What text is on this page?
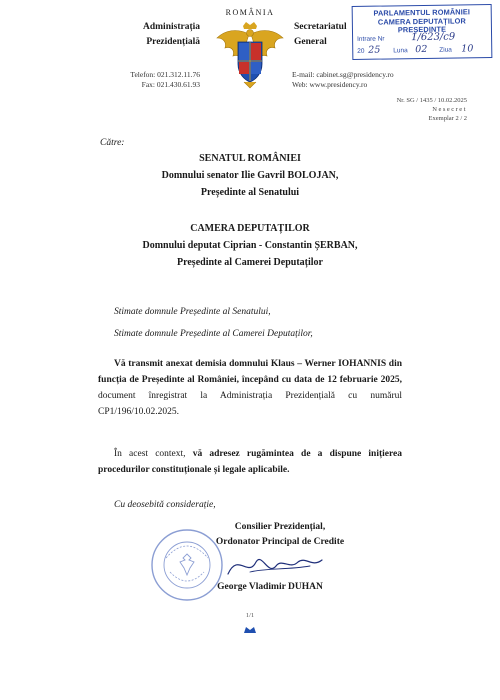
ROMÂNIA
Administrația
Prezidențială
Secretariatul
General
Telefon: 021.312.11.76
Fax: 021.430.61.93
E-mail: cabinet.sg@presidency.ro
Web: www.presidency.ro
PARLAMENTUL ROMÂNIEI
CAMERA DEPUTAȚILOR
PREȘEDINTE
Intrare Nr	1/623/c9
20 25 Luna 02 Ziua 10
Nr. SG / 1435 / 10.02.2025
Nesecret
Exemplar 2 / 2
Către:
SENATUL ROMÂNIEI
Domnului senator Ilie Gavril BOLOJAN,
Președinte al Senatului
CAMERA DEPUTAȚILOR
Domnului deputat Ciprian - Constantin ȘERBAN,
Președinte al Camerei Deputaților
Stimate domnule Președinte al Senatului,
Stimate domnule Președinte al Camerei Deputaților,
Vă transmit anexat demisia domnului Klaus – Werner IOHANNIS din funcția de Președinte al României, începând cu data de 12 februarie 2025, document înregistrat la Administrația Prezidențială cu numărul CP1/196/10.02.2025.
În acest context, vă adresez rugămintea de a dispune inițierea procedurilor constituționale și legale aplicabile.
Cu deosebită considerație,
Consilier Prezidențial,
Ordonator Principal de Credite
George Vladimir DUHAN
1/1
